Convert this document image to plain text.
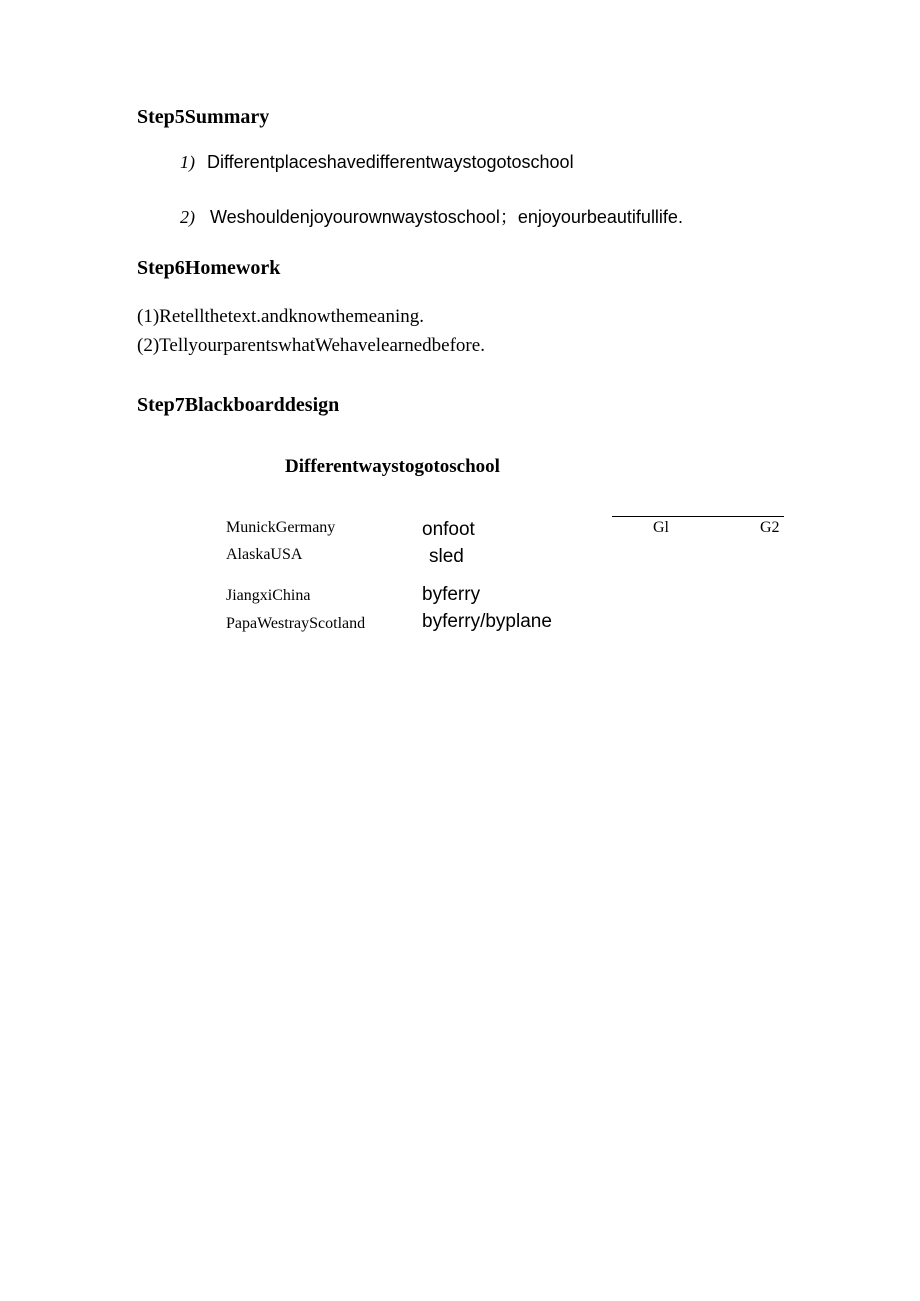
Step5Summary
1) Differentplaceshavedifferentwaystogotoschool
2) Weshouldenjoyourownwaystoschool；enjoyourbeautifullife.
Step6Homework
(1)Retellthetext.andknowthemeaning.
(2)TellyourparentswhatWehavelearnedbefore.
Step7Blackboarddesign
Differentwaystogotoschool
MunickGermany
AlaskaUSA
JiangxiChina
PapaWestrayScotland
onfoot
sled
byferry
byferry/byplane
Gl	G2
